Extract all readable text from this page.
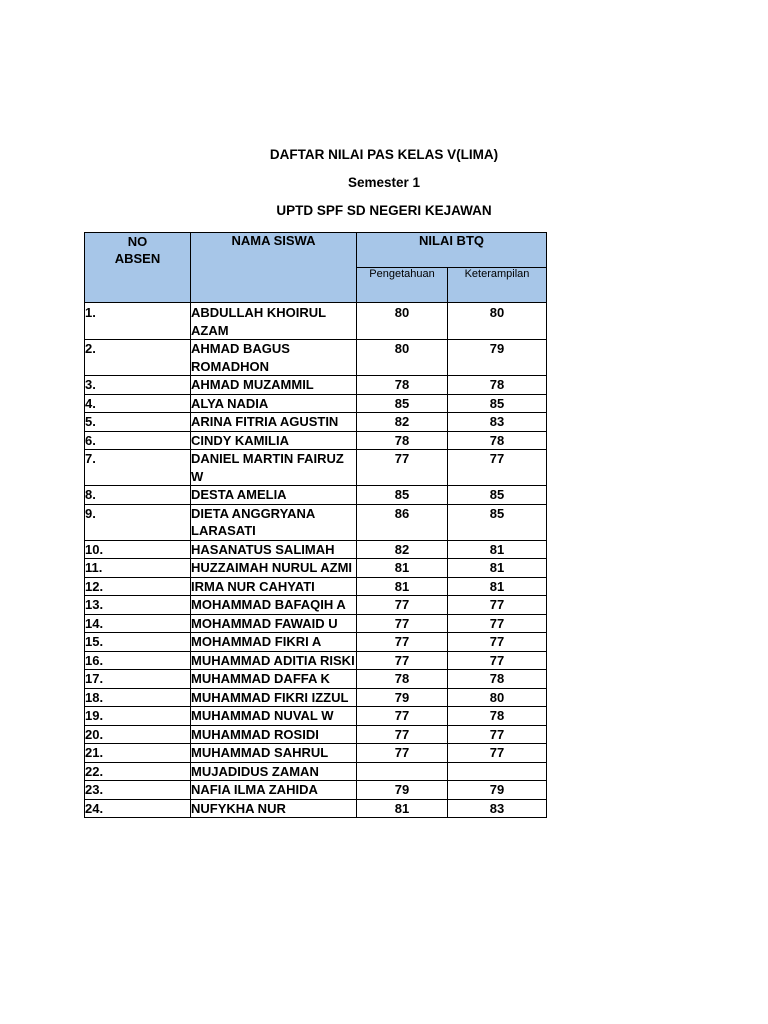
DAFTAR NILAI PAS KELAS V(LIMA)
Semester 1
UPTD SPF SD NEGERI KEJAWAN
NO
ABSEN	NAMA SISWA	NILAI BTQ	
		Pengetahuan	Keterampilan
1.	ABDULLAH KHOIRUL AZAM	80	80
2.	AHMAD BAGUS ROMADHON	80	79
3.	AHMAD MUZAMMIL	78	78
4.	ALYA NADIA	85	85
5.	ARINA FITRIA AGUSTIN	82	83
6.	CINDY KAMILIA	78	78
7.	DANIEL MARTIN FAIRUZ W	77	77
8.	DESTA AMELIA	85	85
9.	DIETA ANGGRYANA LARASATI	86	85
10.	HASANATUS SALIMAH	82	81
11.	HUZZAIMAH NURUL AZMI	81	81
12.	IRMA NUR CAHYATI	81	81
13.	MOHAMMAD BAFAQIH A	77	77
14.	MOHAMMAD FAWAID U	77	77
15.	MOHAMMAD FIKRI A	77	77
16.	MUHAMMAD ADITIA RISKI	77	77
17.	MUHAMMAD DAFFA K	78	78
18.	MUHAMMAD FIKRI IZZUL	79	80
19.	MUHAMMAD NUVAL W	77	78
20.	MUHAMMAD ROSIDI	77	77
21.	MUHAMMAD SAHRUL	77	77
22.	MUJADIDUS ZAMAN		
23.	NAFIA ILMA ZAHIDA	79	79
24.	NUFYKHA NUR	81	83
